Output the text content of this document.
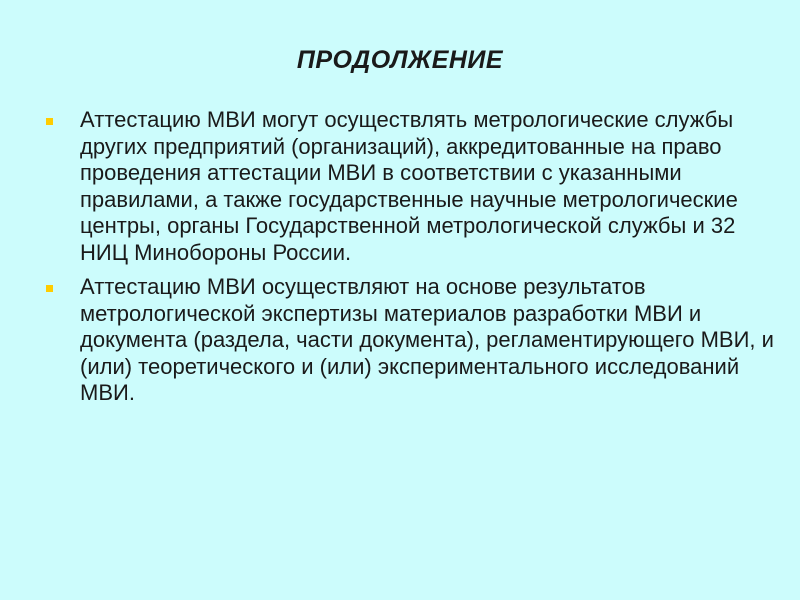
ПРОДОЛЖЕНИЕ
Аттестацию МВИ могут осуществлять метрологические службы других предприятий (организаций), аккредитованные на право проведения аттестации МВИ в соответствии с указанными правилами, а также государственные научные метрологические центры, органы Государственной метрологической службы и 32 НИЦ Минобороны России.
Аттестацию МВИ осуществляют на основе результатов метрологической экспертизы материалов разработки МВИ и документа (раздела, части документа), регламентирующего МВИ, и (или) теоретического и (или) экспериментального исследований МВИ.
